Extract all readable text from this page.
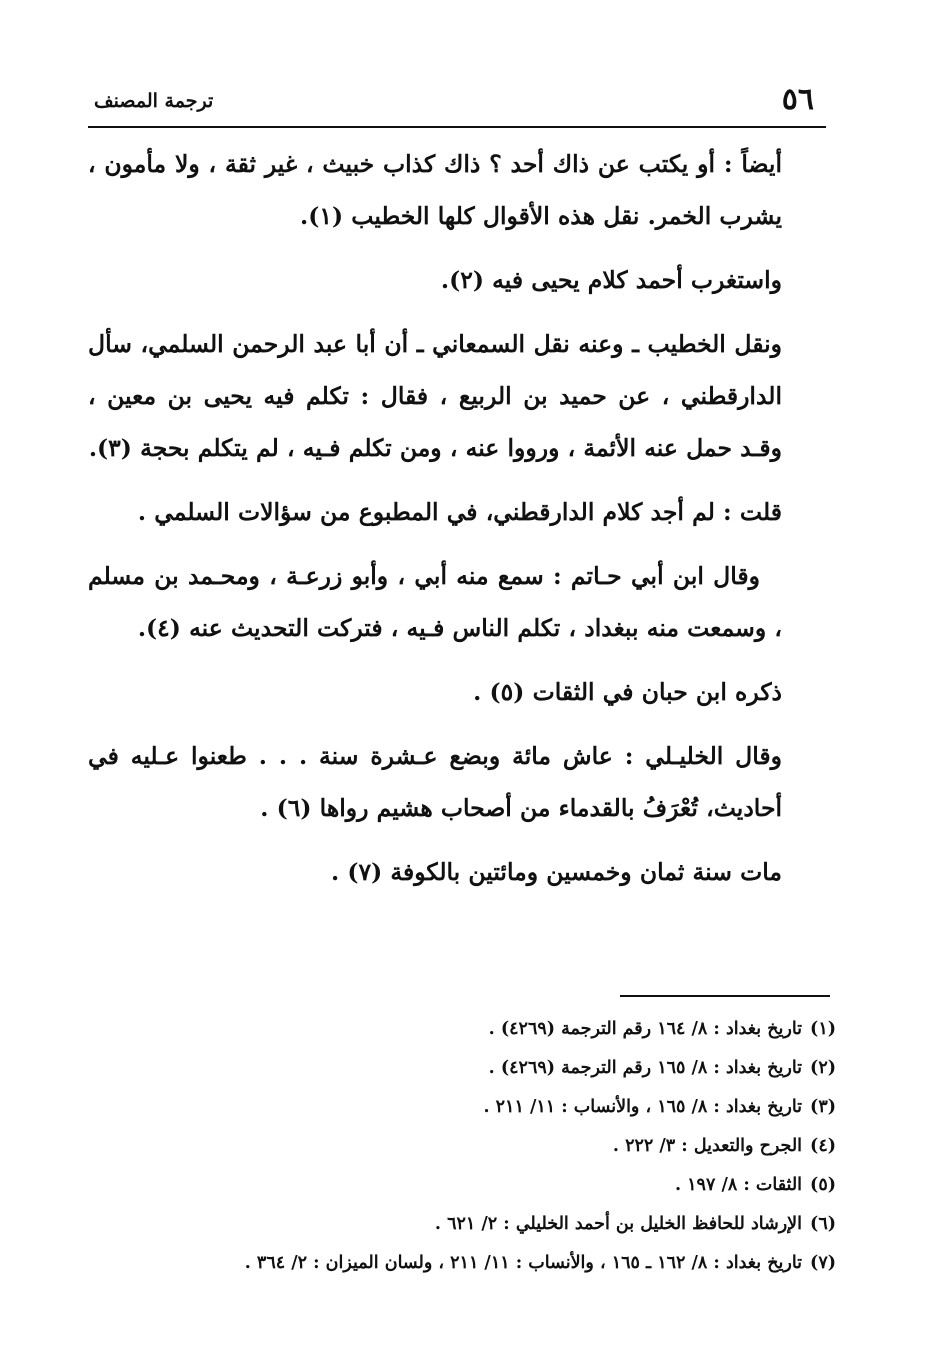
٥٦
ترجمة المصنف

أيضاً : أو يكتب عن ذاك أحد ؟ ذاك كذاب خبيث ، غير ثقة ، ولا مأمون ، يشرب الخمر. نقل هذه الأقوال كلها الخطيب (١).

واستغرب أحمد كلام يحيى فيه (٢).

ونقل الخطيب ـ وعنه نقل السمعاني ـ أن أبا عبد الرحمن السلمي، سأل الدارقطني ، عن حميد بن الربيع ، فقال : تكلم فيه يحيى بن معين ، وقـد حمل عنه الأئمة ، ورووا عنه ، ومن تكلم فـيه ، لم يتكلم بحجة (٣).

قلت : لم أجد كلام الدارقطني، في المطبوع من سؤالات السلمي .

وقال ابن أبي حـاتم : سمع منه أبي ، وأبو زرعـة ، ومحـمد بن مسلم ، وسمعت منه ببغداد ، تكلم الناس فـيه ، فتركت التحديث عنه (٤).

ذكره ابن حبان في الثقات (٥) .

وقال الخليـلي : عاش مائة وبضع عـشرة سنة . . . طعنوا عـليه في أحاديث، تُعْرَفُ بالقدماء من أصحاب هشيم رواها (٦) .

مات سنة ثمان وخمسين ومائتين بالكوفة (٧) .

(١)تاريخ بغداد : ٨/ ١٦٤ رقم الترجمة (٤٢٦٩) .
(٢)تاريخ بغداد : ٨/ ١٦٥ رقم الترجمة (٤٢٦٩) .
(٣)تاريخ بغداد : ٨/ ١٦٥ ، والأنساب : ١١/ ٢١١ .
(٤)الجرح والتعديل : ٣/ ٢٢٢ .
(٥)الثقات : ٨/ ١٩٧ .
(٦)الإرشاد للحافظ الخليل بن أحمد الخليلي : ٢/ ٦٢١ .
(٧)تاريخ بغداد : ٨/ ١٦٢ ـ ١٦٥ ، والأنساب : ١١/ ٢١١ ، ولسان الميزان : ٢/ ٣٦٤ .
